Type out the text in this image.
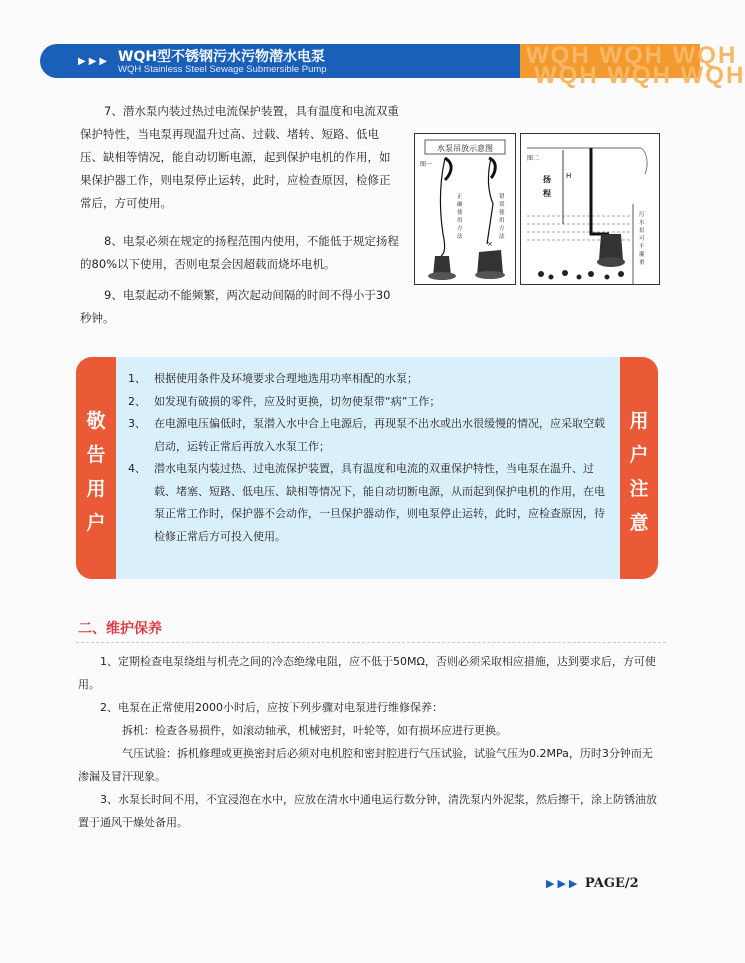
WQH WQH WQH
WQH WQH WQH
▶▶▶ WQH型不锈钢污水污物潜水电泵
WQH Stainless Steel Sewage Submersible Pump
7、潜水泵内装过热过电流保护装置，具有温度和电流双重保护特性，当电泵再现温升过高、过载、堵转、短路、低电压、缺相等情况，能自动切断电源，起到保护电机的作用，如果保护器工作，则电泵停止运转，此时，应检查原因，检修正常后，方可使用。
8、电泵必须在规定的扬程范围内使用，不能低于规定扬程的80%以下使用，否则电泵会因超载而烧坏电机。
9、电泵起动不能频繁，两次起动间隔的时间不得小于30秒钟。
水泵吊放示意图
图一
正
确
使
用
方
法
×
错
误
使
用
方
法
图二
H
扬
程
污
水
泵
可
不
灌
重
敬
告
用
户
用
户
注
意
1、 根据使用条件及环境要求合理地选用功率相配的水泵；
2、 如发现有破损的零件，应及时更换，切勿使泵带“病”工作；
3、 在电源电压偏低时，泵潜入水中合上电源后，再现泵不出水或出水很缓慢的情况，应采取空载启动，运转正常后再放入水泵工作；
4、 潜水电泵内装过热、过电流保护装置，具有温度和电流的双重保护特性，当电泵在温升、过载、堵塞、短路、低电压、缺相等情况下，能自动切断电源，从而起到保护电机的作用，在电泵正常工作时，保护器不会动作，一旦保护器动作，则电泵停止运转，此时，应检查原因，待检修正常后方可投入使用。
二、维护保养
1、定期检查电泵绕组与机壳之间的冷态绝缘电阻，应不低于50MΩ，否则必须采取相应措施，达到要求后，方可使用。
2、电泵在正常使用2000小时后，应按下列步骤对电泵进行维修保养：
拆机：检查各易损件，如滚动轴承，机械密封，叶轮等，如有损坏应进行更换。
气压试验：拆机修理或更换密封后必须对电机腔和密封腔进行气压试验，试验气压为0.2MPa，历时3分钟而无渗漏及冒汗现象。
3、水泵长时间不用，不宜浸泡在水中，应放在清水中通电运行数分钟，清洗泵内外泥浆，然后擦干，涂上防锈油放置于通风干燥处备用。
▶▶▶ PAGE/2
